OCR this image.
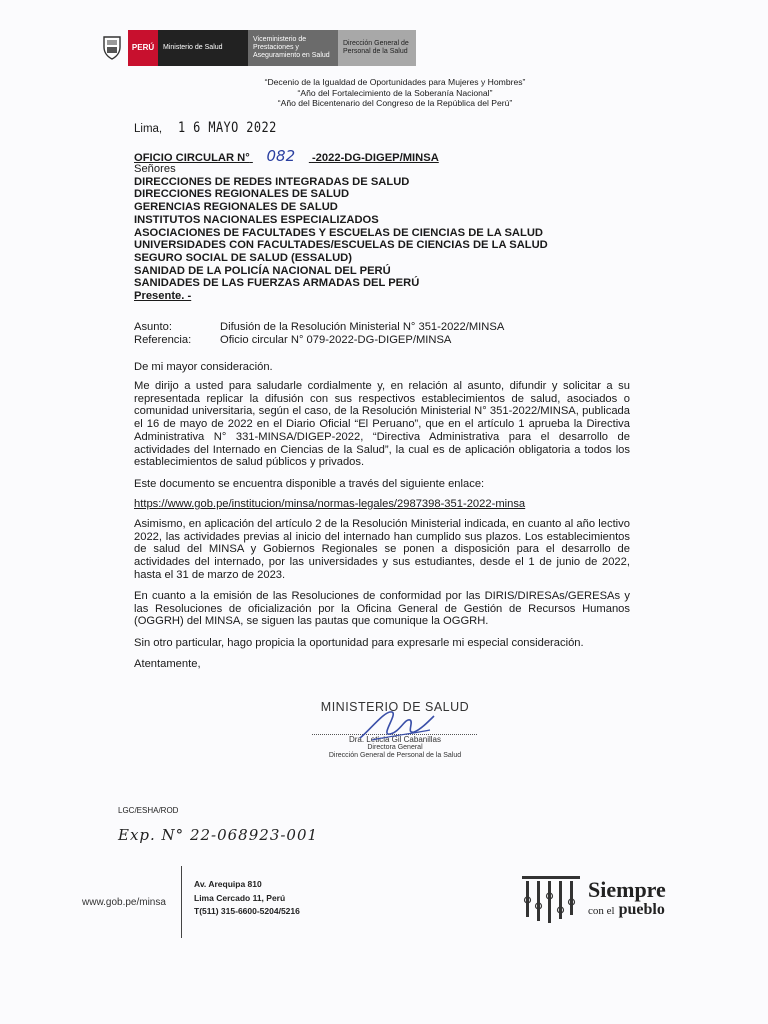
PERÚ	Ministerio de Salud
Viceministerio de Prestaciones y Aseguramiento en Salud
Dirección General de Personal de la Salud
“Decenio de la Igualdad de Oportunidades para Mujeres y Hombres”
“Año del Fortalecimiento de la Soberanía Nacional”
“Año del Bicentenario del Congreso de la República del Perú”
Lima, 1 6 MAYO 2022
OFICIO CIRCULAR N° 082 -2022-DG-DIGEP/MINSA
Señores
DIRECCIONES DE REDES INTEGRADAS DE SALUD
DIRECCIONES REGIONALES DE SALUD
GERENCIAS REGIONALES DE SALUD
INSTITUTOS NACIONALES ESPECIALIZADOS
ASOCIACIONES DE FACULTADES Y ESCUELAS DE CIENCIAS DE LA SALUD
UNIVERSIDADES CON FACULTADES/ESCUELAS DE CIENCIAS DE LA SALUD
SEGURO SOCIAL DE SALUD (ESSALUD)
SANIDAD DE LA POLICÍA NACIONAL DEL PERÚ
SANIDADES DE LAS FUERZAS ARMADAS DEL PERÚ
Presente. -
Asunto:	Difusión de la Resolución Ministerial N° 351-2022/MINSA
Referencia:	Oficio circular N° 079-2022-DG-DIGEP/MINSA
De mi mayor consideración.
Me dirijo a usted para saludarle cordialmente y, en relación al asunto, difundir y solicitar a su representada replicar la difusión con sus respectivos establecimientos de salud, asociados o comunidad universitaria, según el caso, de la Resolución Ministerial N° 351-2022/MINSA, publicada el 16 de mayo de 2022 en el Diario Oficial “El Peruano”, que en el artículo 1 aprueba la Directiva Administrativa N° 331-MINSA/DIGEP-2022, “Directiva Administrativa para el desarrollo de actividades del Internado en Ciencias de la Salud”, la cual es de aplicación obligatoria a todos los establecimientos de salud públicos y privados.
Este documento se encuentra disponible a través del siguiente enlace:
https://www.gob.pe/institucion/minsa/normas-legales/2987398-351-2022-minsa
Asimismo, en aplicación del artículo 2 de la Resolución Ministerial indicada, en cuanto al año lectivo 2022, las actividades previas al inicio del internado han cumplido sus plazos. Los establecimientos de salud del MINSA y Gobiernos Regionales se ponen a disposición para el desarrollo de actividades del internado, por las universidades y sus estudiantes, desde el 1 de junio de 2022, hasta el 31 de marzo de 2023.
En cuanto a la emisión de las Resoluciones de conformidad por las DIRIS/DIRESAs/GERESAs y las Resoluciones de oficialización por la Oficina General de Gestión de Recursos Humanos (OGGRH) del MINSA, se siguen las pautas que comunique la OGGRH.
Sin otro particular, hago propicia la oportunidad para expresarle mi especial consideración.
Atentamente,
MINISTERIO DE SALUD
Dra. Leticia Gil Cabanillas
Directora General
Dirección General de Personal de la Salud
LGC/ESHA/ROD
Exp. N° 22-068923-001
www.gob.pe/minsa
Av. Arequipa 810
Lima Cercado 11, Perú
T(511) 315-6600-5204/5216
Siempre
con el pueblo
